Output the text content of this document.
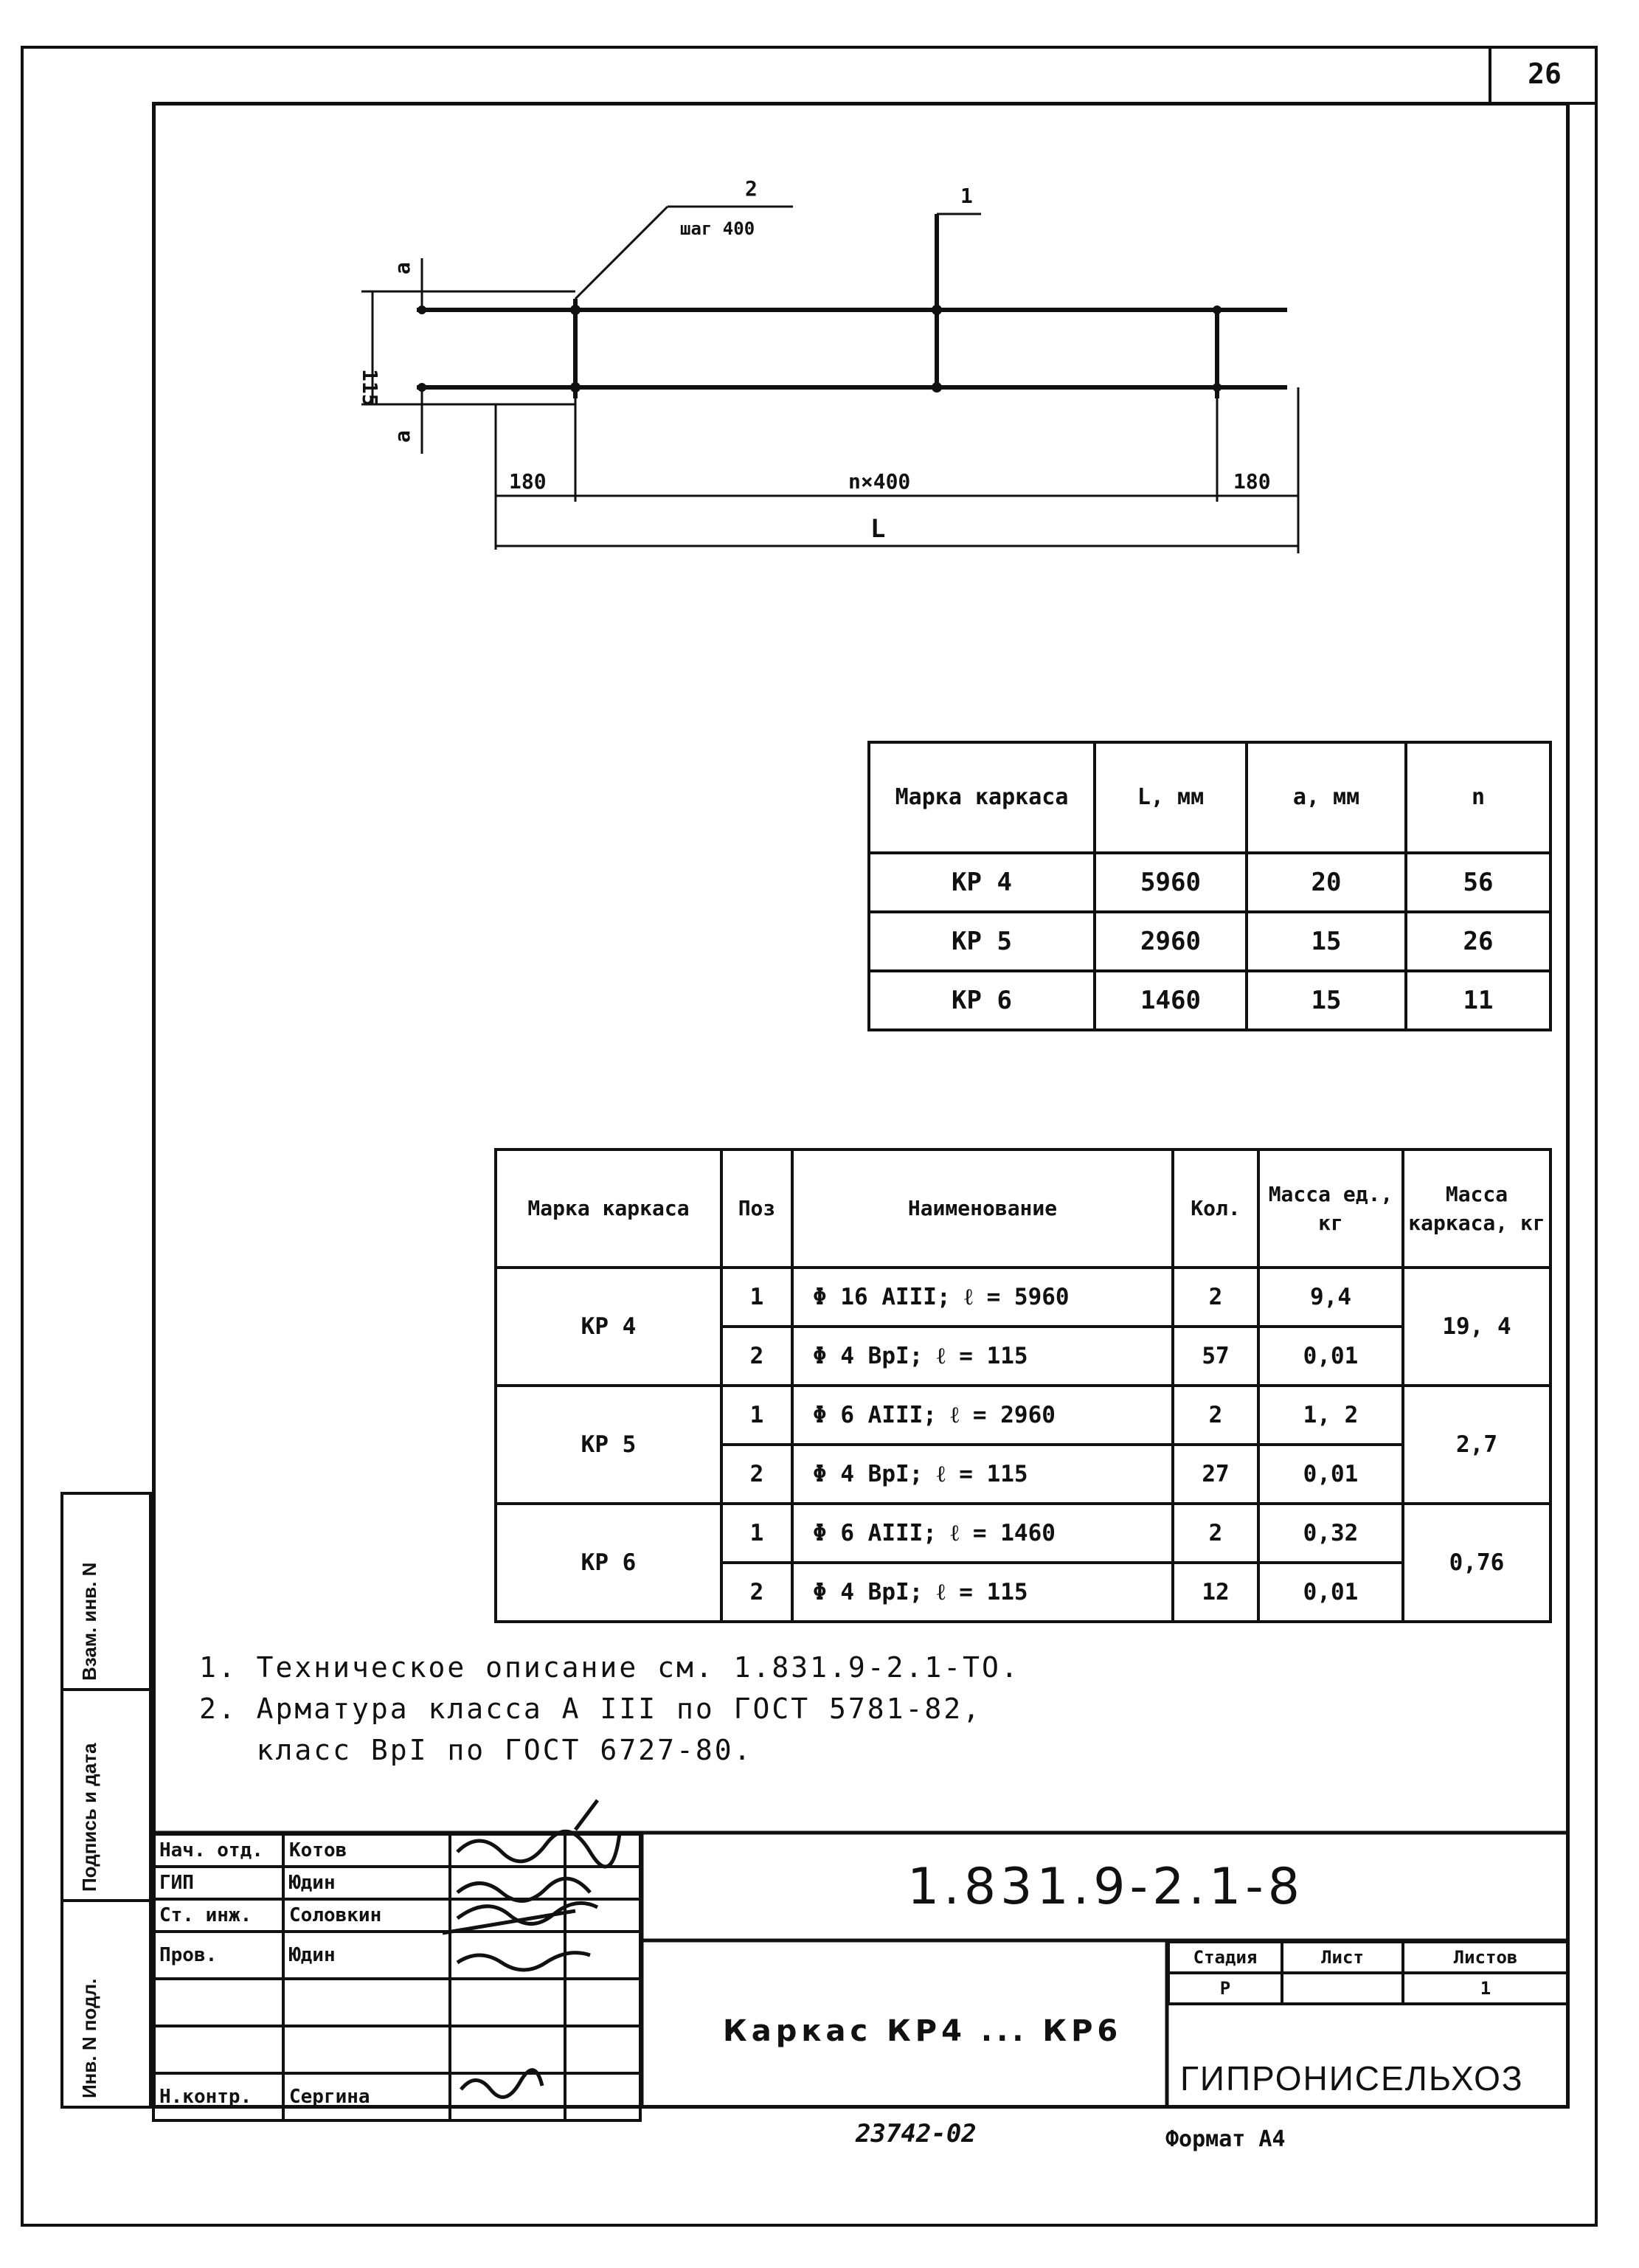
26
2
шаг 400
1
a
115
a
180	n×400	180
L
Марка каркаса	L, мм	a, мм	n
КР 4	5960	20	56
КР 5	2960	15	26
КР 6	1460	15	11
Марка каркаса	Поз	Наименование	Кол.	Масса ед., кг	Масса каркаса, кг
КР 4	1	Φ 16 АIII; ℓ = 5960	2	9,4	19, 4
	2	Φ 4 ВрI; ℓ = 115	57	0,01	
КР 5	1	Φ 6 АIII; ℓ = 2960	2	1, 2	2,7
	2	Φ 4 ВрI; ℓ = 115	27	0,01	
КР 6	1	Φ 6 АIII; ℓ = 1460	2	0,32	0,76
	2	Φ 4 ВрI; ℓ = 115	12	0,01	
1. Техническое описание см. 1.831.9-2.1-ТО.
2. Арматура класса А III по ГОСТ 5781-82,
класс ВрI по ГОСТ 6727-80.
Взам. инв. N
Подпись и дата
Инв. N подл.
Нач. отд.	Котов		
ГИП	Юдин		
Ст. инж.	Соловкин		
Пров.	Юдин		

Н.контр.	Сергина		
1.831.9-2.1-8
Каркас КР4 ... КР6
Стадия	Лист	Листов
Р		1
ГИПРОНИСЕЛЬХОЗ
23742-02	Формат А4
